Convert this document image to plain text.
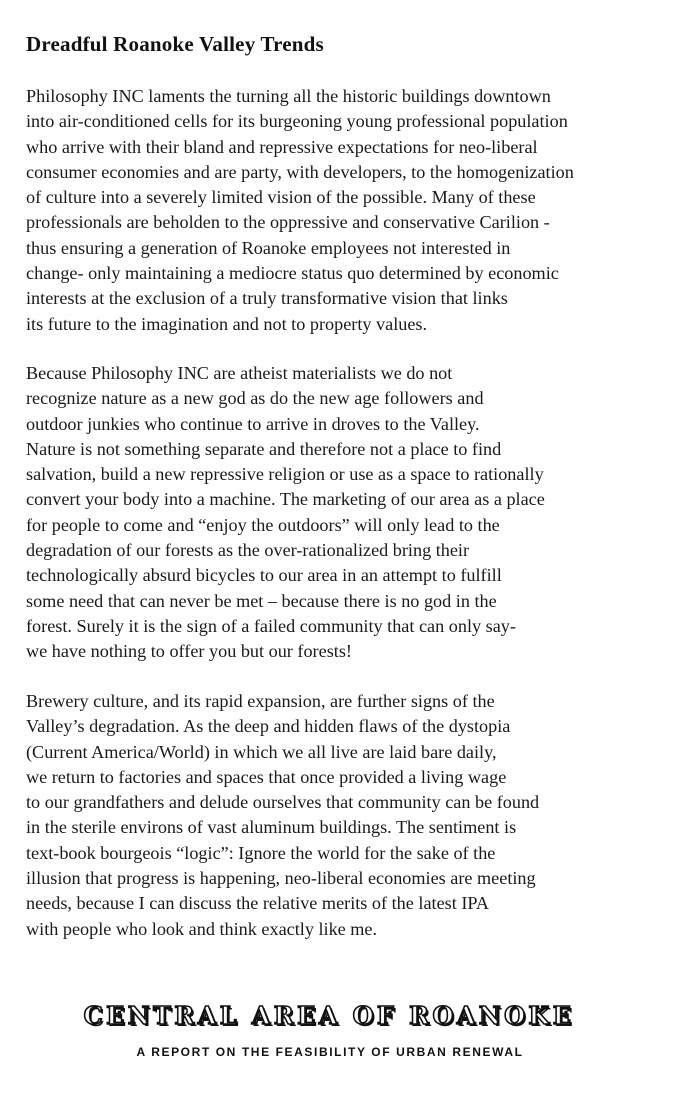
Dreadful Roanoke Valley Trends

Philosophy INC laments the turning all the historic buildings downtown
into air-conditioned cells for its burgeoning young professional population
who arrive with their bland and repressive expectations for neo-liberal
consumer economies and are party, with developers, to the homogenization
of culture into a severely limited vision of the possible. Many of these
professionals are beholden to the oppressive and conservative Carilion -
thus ensuring a generation of Roanoke employees not interested in
change- only maintaining a mediocre status quo determined by economic
interests at the exclusion of a truly transformative vision that links
its future to the imagination and not to property values.

Because Philosophy INC are atheist materialists we do not
recognize nature as a new god as do the new age followers and
outdoor junkies who continue to arrive in droves to the Valley.
Nature is not something separate and therefore not a place to find
salvation, build a new repressive religion or use as a space to rationally
convert your body into a machine. The marketing of our area as a place
for people to come and “enjoy the outdoors” will only lead to the
degradation of our forests as the over-rationalized bring their
technologically absurd bicycles to our area in an attempt to fulfill
some need that can never be met – because there is no god in the
forest. Surely it is the sign of a failed community that can only say-
we have nothing to offer you but our forests!

Brewery culture, and its rapid expansion, are further signs of the
Valley’s degradation. As the deep and hidden flaws of the dystopia
(Current America/World) in which we all live are laid bare daily,
we return to factories and spaces that once provided a living wage
to our grandfathers and delude ourselves that community can be found
in the sterile environs of vast aluminum buildings. The sentiment is
text-book bourgeois “logic”: Ignore the world for the sake of the
illusion that progress is happening, neo-liberal economies are meeting
needs, because I can discuss the relative merits of the latest IPA
with people who look and think exactly like me.

CENTRAL AREA OF ROANOKE
A REPORT ON THE FEASIBILITY OF URBAN RENEWAL
